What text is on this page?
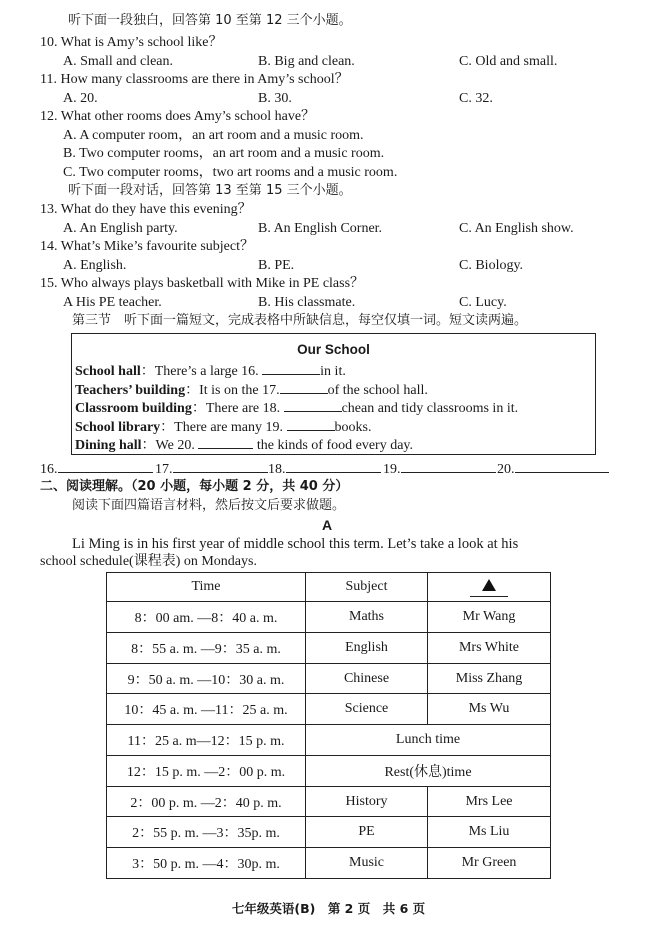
听下面一段独白，回答第 10 至第 12 三个小题。
10. What is Amy’s school like？
A. Small and clean.	B. Big and clean.	C. Old and small.
11. How many classrooms are there in Amy’s school？
A. 20.	B. 30.	C. 32.
12. What other rooms does Amy’s school have？
A. A computer room，an art room and a music room.
B. Two computer rooms，an art room and a music room.
C. Two computer rooms，two art rooms and a music room.
听下面一段对话，回答第 13 至第 15 三个小题。
13. What do they have this evening？
A. An English party.	B. An English Corner.	C. An English show.
14. What’s Mike’s favourite subject？
A. English.	B. PE.	C. Biology.
15. Who always plays basketball with Mike in PE class？
A His PE teacher.	B. His classmate.	C. Lucy.
第三节　听下面一篇短文，完成表格中所缺信息，每空仅填一词。短文读两遍。
Our School
School hall：There’s a large 16.	in it.
Teachers’ building：It is on the 17.	of the school hall.
Classroom building：There are 18.	chean and tidy classrooms in it.
School library：There are many 19.	books.
Dining hall：We 20.	the kinds of food every day.
16.	17.	18.	19.	20.
二、阅读理解。（20 小题，每小题 2 分，共 40 分）
阅读下面四篇语言材料，然后按文后要求做题。
A
Li Ming is in his first year of middle school this term. Let’s take a look at his
school schedule(课程表) on Mondays.
Time	Subject	
8：00 am. —8：40 a. m.	Maths	Mr Wang
8：55 a. m. —9：35 a. m.	English	Mrs White
9：50 a. m. —10：30 a. m.	Chinese	Miss Zhang
10：45 a. m. —11：25 a. m.	Science	Ms Wu
11：25 a. m—12：15 p. m.	Lunch time	
12：15 p. m. —2：00 p. m.	Rest(休息)time	
2：00 p. m. —2：40 p. m.	History	Mrs Lee
2：55 p. m. —3：35p. m.	PE	Ms Liu
3：50 p. m. —4：30p. m.	Music	Mr Green
七年级英语(B)　第 2 页　共 6 页
